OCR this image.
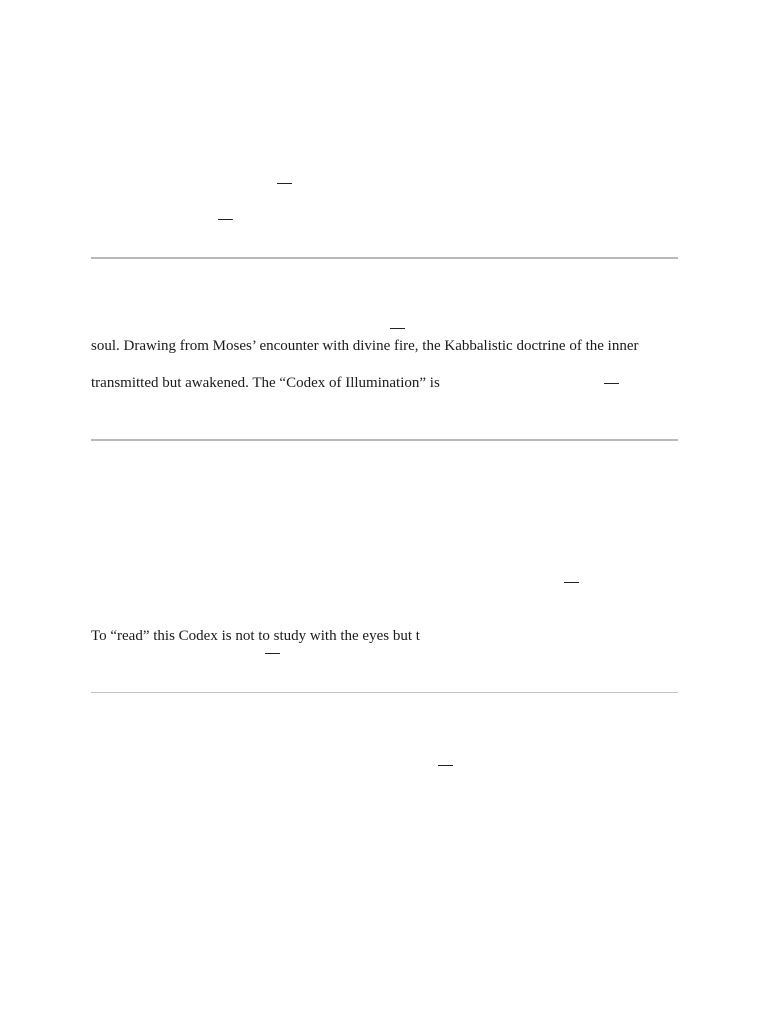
soul. Drawing from Moses’ encounter with divine fire, the Kabbalistic doctrine of the inner
transmitted but awakened. The “Codex of Illumination” is
To “read” this Codex is not to study with the eyes but t
